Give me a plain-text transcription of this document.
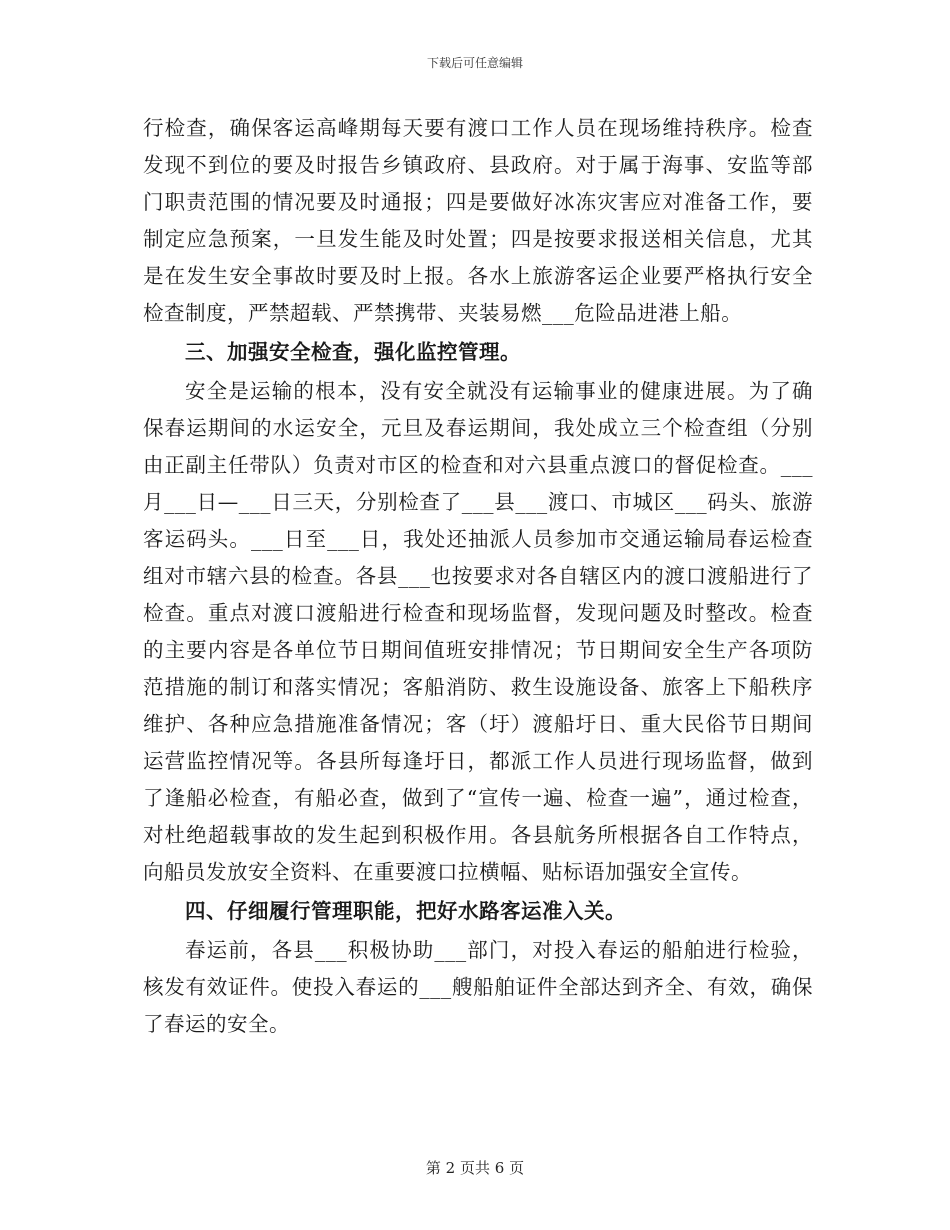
下载后可任意编辑

行检查，确保客运高峰期每天要有渡口工作人员在现场维持秩序。检查发现不到位的要及时报告乡镇政府、县政府。对于属于海事、安监等部门职责范围的情况要及时通报；四是要做好冰冻灾害应对准备工作，要制定应急预案，一旦发生能及时处置；四是按要求报送相关信息，尤其是在发生安全事故时要及时上报。各水上旅游客运企业要严格执行安全检查制度，严禁超载、严禁携带、夹装易燃___危险品进港上船。

三、加强安全检查，强化监控管理。

安全是运输的根本，没有安全就没有运输事业的健康进展。为了确保春运期间的水运安全，元旦及春运期间，我处成立三个检查组（分别由正副主任带队）负责对市区的检查和对六县重点渡口的督促检查。___月___日—___日三天，分别检查了___县___渡口、市城区___码头、旅游客运码头。___日至___日，我处还抽派人员参加市交通运输局春运检查组对市辖六县的检查。各县___也按要求对各自辖区内的渡口渡船进行了检查。重点对渡口渡船进行检查和现场监督，发现问题及时整改。检查的主要内容是各单位节日期间值班安排情况；节日期间安全生产各项防范措施的制订和落实情况；客船消防、救生设施设备、旅客上下船秩序维护、各种应急措施准备情况；客（圩）渡船圩日、重大民俗节日期间运营监控情况等。各县所每逢圩日，都派工作人员进行现场监督，做到了逢船必检查，有船必查，做到了“宣传一遍、检查一遍”，通过检查，对杜绝超载事故的发生起到积极作用。各县航务所根据各自工作特点，向船员发放安全资料、在重要渡口拉横幅、贴标语加强安全宣传。

四、仔细履行管理职能，把好水路客运准入关。

春运前，各县___积极协助___部门，对投入春运的船舶进行检验，核发有效证件。使投入春运的___艘船舶证件全部达到齐全、有效，确保了春运的安全。

第 2 页共 6 页
